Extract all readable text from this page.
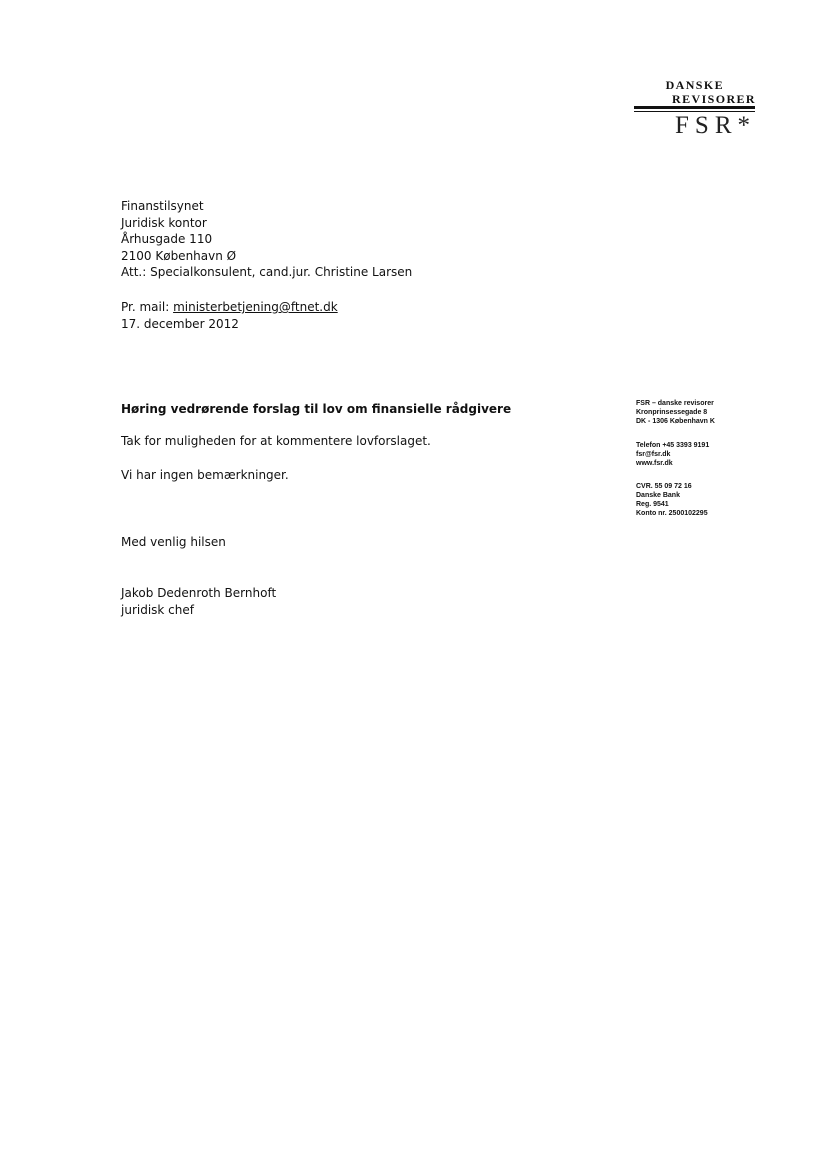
DANSKE
REVISORER
FSR*
Finanstilsynet
Juridisk kontor
Århusgade 110
2100 København Ø
Att.: Specialkonsulent, cand.jur. Christine Larsen
Pr. mail: ministerbetjening@ftnet.dk
17. december 2012
Høring vedrørende forslag til lov om finansielle rådgivere
Tak for muligheden for at kommentere lovforslaget.
Vi har ingen bemærkninger.
Med venlig hilsen
Jakob Dedenroth Bernhoft
juridisk chef
FSR – danske revisorer
Kronprinsessegade 8
DK - 1306 København K
Telefon +45 3393 9191
fsr@fsr.dk
www.fsr.dk
CVR. 55 09 72 16
Danske Bank
Reg. 9541
Konto nr. 2500102295
